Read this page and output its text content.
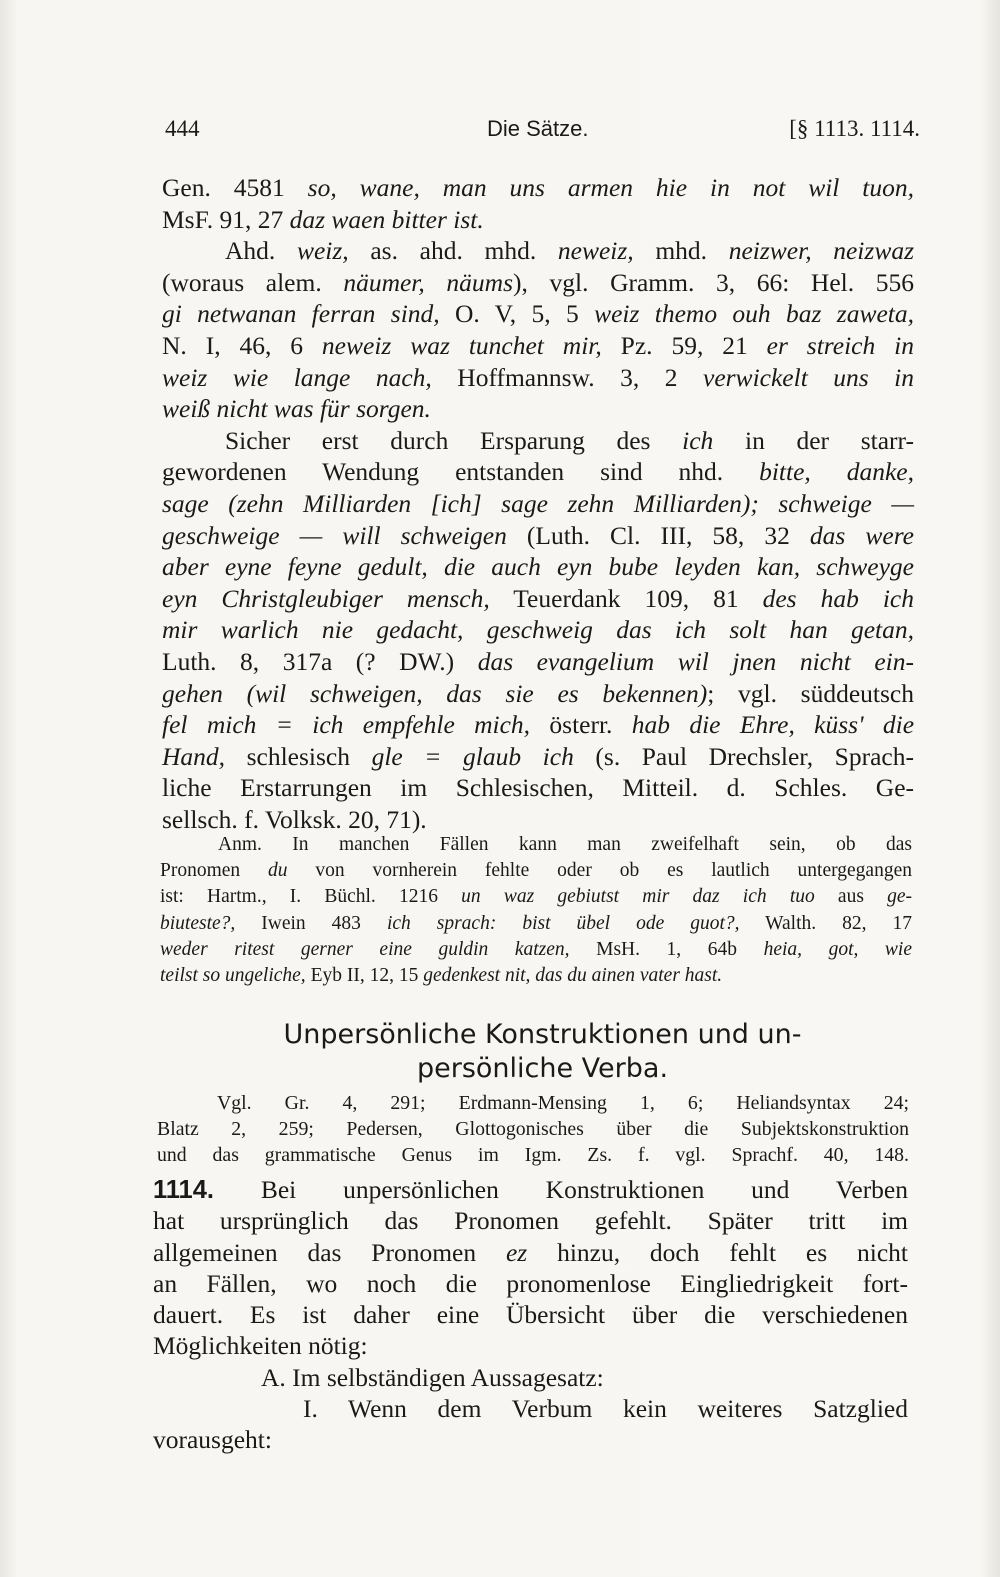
444	Die Sätze.	[§ 1113. 1114.
Gen. 4581 so, wane, man uns armen hie in not wil tuon,
MsF. 91, 27 daz waen bitter ist.
Ahd. weiz, as. ahd. mhd. neweiz, mhd. neizwer, neizwaz
(woraus alem. näumer, näums), vgl. Gramm. 3, 66: Hel. 556
gi netwanan ferran sind, O. V, 5, 5 weiz themo ouh baz zaweta,
N. I, 46, 6 neweiz waz tunchet mir, Pz. 59, 21 er streich in
weiz wie lange nach, Hoffmannsw. 3, 2 verwickelt uns in
weiß nicht was für sorgen.
Sicher erst durch Ersparung des ich in der starr-
gewordenen Wendung entstanden sind nhd. bitte, danke,
sage (zehn Milliarden [ich] sage zehn Milliarden); schweige —
geschweige — will schweigen (Luth. Cl. III, 58, 32 das were
aber eyne feyne gedult, die auch eyn bube leyden kan, schweyge
eyn Christgleubiger mensch, Teuerdank 109, 81 des hab ich
mir warlich nie gedacht, geschweig das ich solt han getan,
Luth. 8, 317a (? DW.) das evangelium wil jnen nicht ein-
gehen (wil schweigen, das sie es bekennen); vgl. süddeutsch
fel mich = ich empfehle mich, österr. hab die Ehre, küss' die
Hand, schlesisch gle = glaub ich (s. Paul Drechsler, Sprach-
liche Erstarrungen im Schlesischen, Mitteil. d. Schles. Ge-
sellsch. f. Volksk. 20, 71).
Anm. In manchen Fällen kann man zweifelhaft sein, ob das
Pronomen du von vornherein fehlte oder ob es lautlich untergegangen
ist: Hartm., I. Büchl. 1216 un waz gebiutst mir daz ich tuo aus ge-
biuteste?, Iwein 483 ich sprach: bist übel ode guot?, Walth. 82, 17
weder ritest gerner eine guldin katzen, MsH. 1, 64b heia, got, wie
teilst so ungeliche, Eyb II, 12, 15 gedenkest nit, das du ainen vater hast.
Unpersönliche Konstruktionen und un-
persönliche Verba.
Vgl. Gr. 4, 291; Erdmann-Mensing 1, 6; Heliandsyntax 24;
Blatz 2, 259; Pedersen, Glottogonisches über die Subjektskonstruktion
und das grammatische Genus im Igm. Zs. f. vgl. Sprachf. 40, 148.
1114. Bei unpersönlichen Konstruktionen und Verben
hat ursprünglich das Pronomen gefehlt. Später tritt im
allgemeinen das Pronomen ez hinzu, doch fehlt es nicht
an Fällen, wo noch die pronomenlose Eingliedrigkeit fort-
dauert. Es ist daher eine Übersicht über die verschiedenen
Möglichkeiten nötig:
A. Im selbständigen Aussagesatz:
I. Wenn dem Verbum kein weiteres Satzglied
vorausgeht:
